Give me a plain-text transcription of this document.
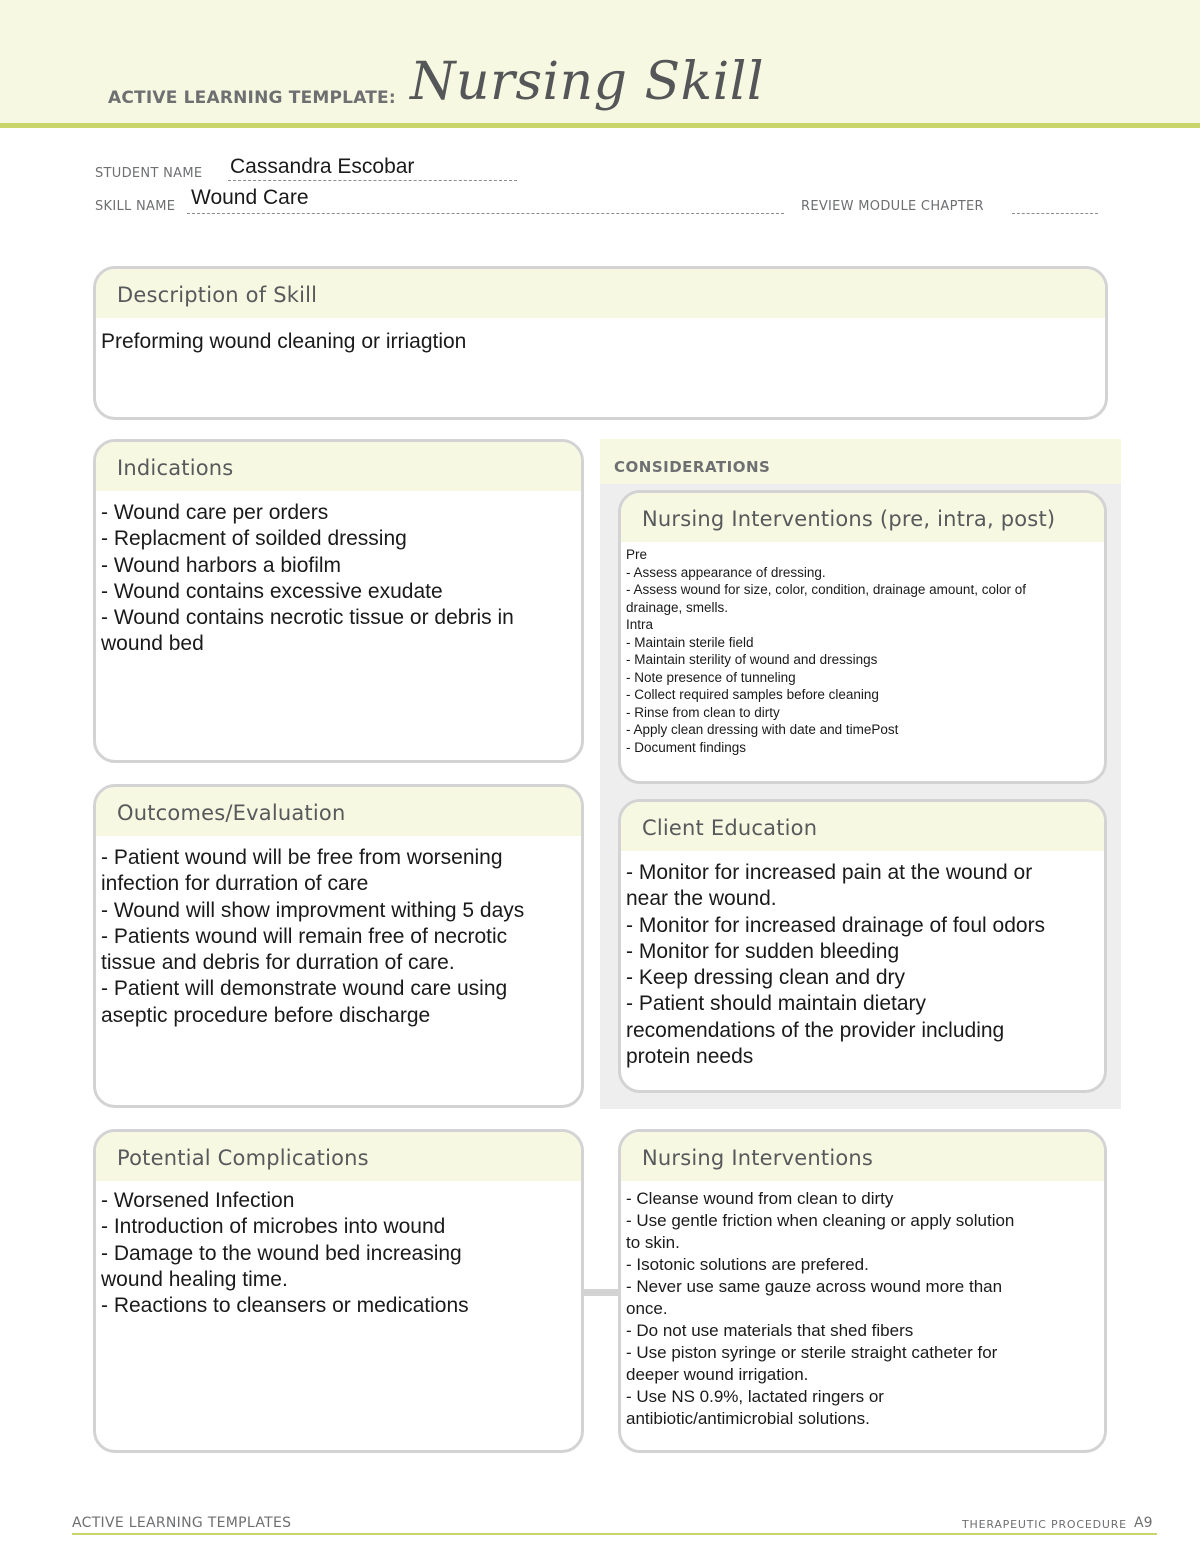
ACTIVE LEARNING TEMPLATE: Nursing Skill
STUDENT NAME Cassandra Escobar
SKILL NAME Wound Care	REVIEW MODULE CHAPTER
Description of Skill
Preforming wound cleaning or irriagtion
Indications
- Wound care per orders
- Replacment of soilded dressing
- Wound harbors a biofilm
- Wound contains excessive exudate
- Wound contains necrotic tissue or debris in
wound bed
CONSIDERATIONS
Nursing Interventions (pre, intra, post)
Pre
- Assess appearance of dressing.
- Assess wound for size, color, condition, drainage amount, color of
drainage, smells.
Intra
- Maintain sterile field
- Maintain sterility of wound and dressings
- Note presence of tunneling
- Collect required samples before cleaning
- Rinse from clean to dirty
- Apply clean dressing with date and timePost
- Document findings
Outcomes/Evaluation
- Patient wound will be free from worsening
infection for durration of care
- Wound will show improvment withing 5 days
- Patients wound will remain free of necrotic
tissue and debris for durration of care.
- Patient will demonstrate wound care using
aseptic procedure before discharge
Client Education
- Monitor for increased pain at the wound or
near the wound.
- Monitor for increased drainage of foul odors
- Monitor for sudden bleeding
- Keep dressing clean and dry
- Patient should maintain dietary
recomendations of the provider including
protein needs
Potential Complications
- Worsened Infection
- Introduction of microbes into wound
- Damage to the wound bed increasing
wound healing time.
- Reactions to cleansers or medications
Nursing Interventions
- Cleanse wound from clean to dirty
- Use gentle friction when cleaning or apply solution
to skin.
- Isotonic solutions are prefered.
- Never use same gauze across wound more than
once.
- Do not use materials that shed fibers
- Use piston syringe or sterile straight catheter for
deeper wound irrigation.
- Use NS 0.9%, lactated ringers or
antibiotic/antimicrobial solutions.
ACTIVE LEARNING TEMPLATES	THERAPEUTIC PROCEDURE A9
